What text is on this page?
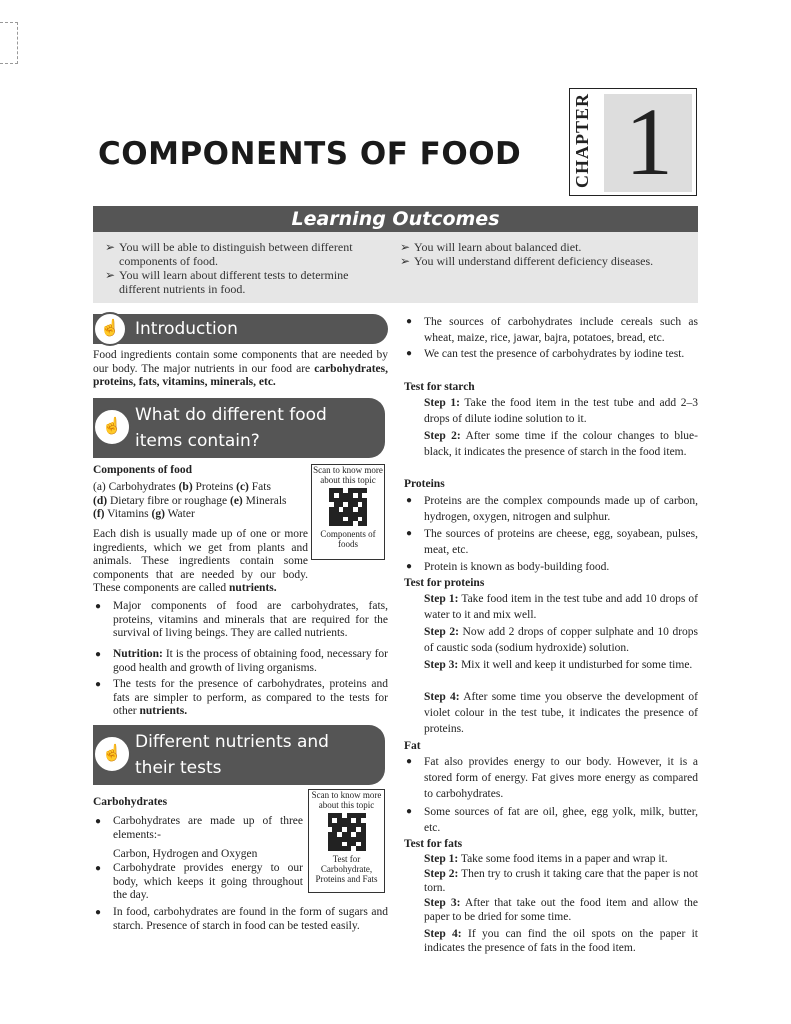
COMPONENTS OF FOOD	CHAPTER 1
Learning Outcomes
➢ You will be able to distinguish between different components of food.
➢ You will learn about different tests to determine different nutrients in food.
➢ You will learn about balanced diet.
➢ You will understand different deficiency diseases.
☝ Introduction
Food ingredients contain some components that are needed by our body. The major nutrients in our food are carbohydrates, proteins, fats, vitamins, minerals, etc.
☝
What do different food items contain?
Components of food
(a) Carbohydrates (b) Proteins (c) Fats
(d) Dietary fibre or roughage (e) Minerals
(f) Vitamins (g) Water
Scan to know more about this topic
Components of foods
Each dish is usually made up of one or more ingredients, which we get from plants and animals. These ingredients contain some components that are needed by our body. These components are called nutrients.
●	Major components of food are carbohydrates, fats, proteins, vitamins and minerals that are required for the survival of living beings. They are called nutrients.
●	Nutrition: It is the process of obtaining food, necessary for good health and growth of living organisms.
●	The tests for the presence of carbohydrates, proteins and fats are simpler to perform, as compared to the tests for other nutrients.
☝
Different nutrients and their tests
Carbohydrates
Scan to know more about this topic
Test for Carbohydrate, Proteins and Fats
●	Carbohydrates are made up of three elements:-
Carbon, Hydrogen and Oxygen
●	Carbohydrate provides energy to our body, which keeps it going throughout the day.
●	In food, carbohydrates are found in the form of sugars and starch. Presence of starch in food can be tested easily.
●	The sources of carbohydrates include cereals such as wheat, maize, rice, jawar, bajra, potatoes, bread, etc.
●	We can test the presence of carbohydrates by iodine test.
Test for starch
Step 1: Take the food item in the test tube and add 2–3 drops of dilute iodine solution to it.
Step 2: After some time if the colour changes to blue-black, it indicates the presence of starch in the food item.
Proteins
●	Proteins are the complex compounds made up of carbon, hydrogen, oxygen, nitrogen and sulphur.
●	The sources of proteins are cheese, egg, soyabean, pulses, meat, etc.
●	Protein is known as body-building food.
Test for proteins
Step 1: Take food item in the test tube and add 10 drops of water to it and mix well.
Step 2: Now add 2 drops of copper sulphate and 10 drops of caustic soda (sodium hydroxide) solution.
Step 3: Mix it well and keep it undisturbed for some time.
Step 4: After some time you observe the development of violet colour in the test tube, it indicates the presence of proteins.
Fat
●	Fat also provides energy to our body. However, it is a stored form of energy. Fat gives more energy as compared to carbohydrates.
●	Some sources of fat are oil, ghee, egg yolk, milk, butter, etc.
Test for fats
Step 1: Take some food items in a paper and wrap it.
Step 2: Then try to crush it taking care that the paper is not torn.
Step 3: After that take out the food item and allow the paper to be dried for some time.
Step 4: If you can find the oil spots on the paper it indicates the presence of fats in the food item.
